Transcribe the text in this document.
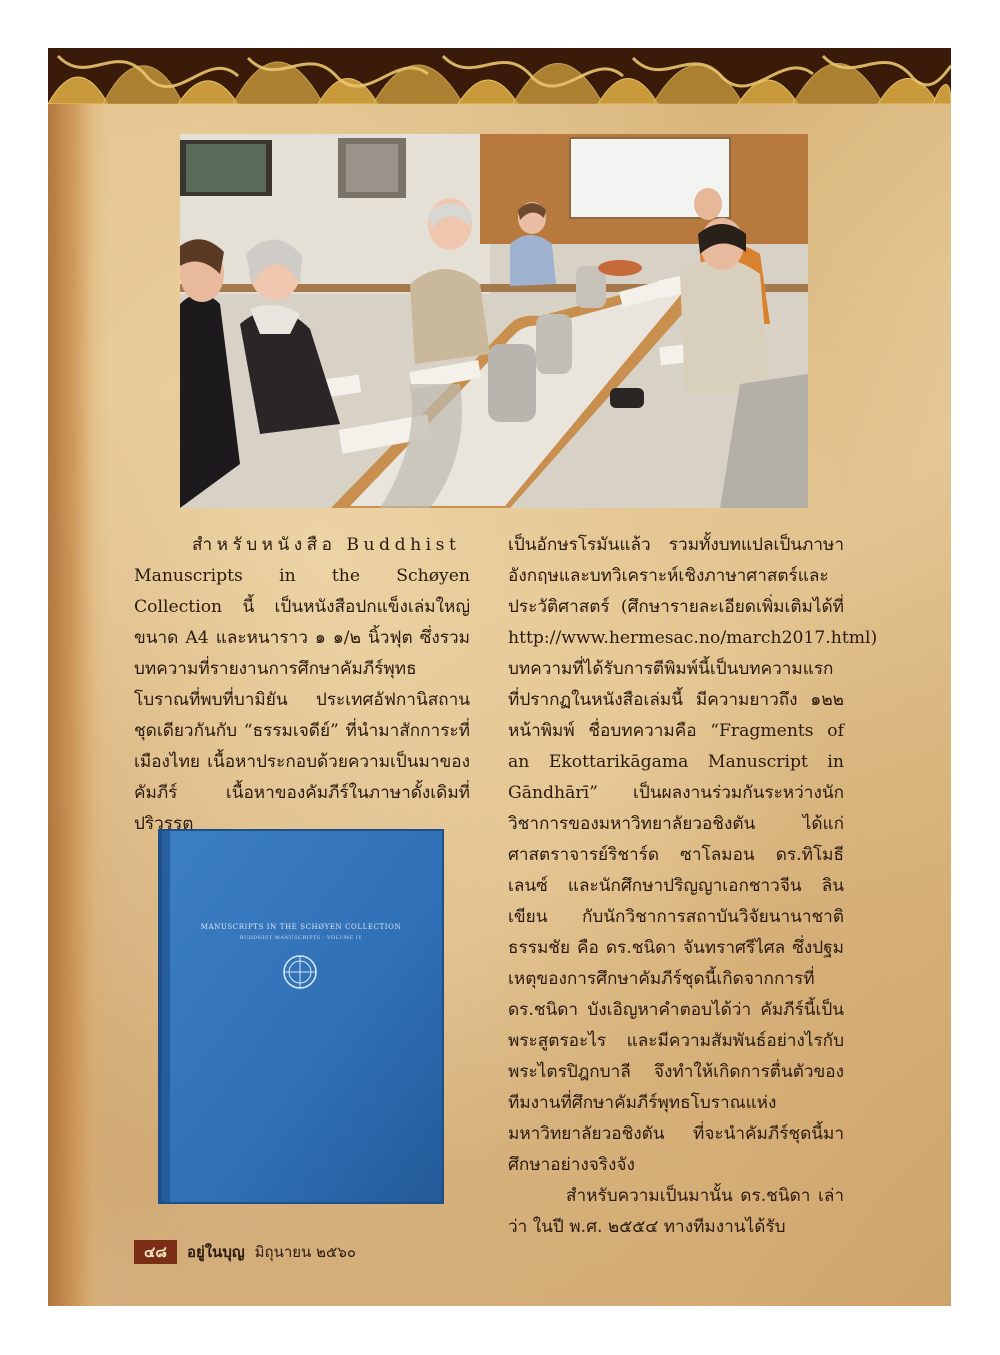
MANUSCRIPTS IN THE SCHØYEN COLLECTION
BUDDHIST MANUSCRIPTS · VOLUME IV

สำหรับหนังสือ Buddhist

Manuscripts in the Schøyen Collection นี้ เป็นหนังสือปกแข็งเล่มใหญ่ ขนาด A4 และหนาราว ๑ ๑/๒ นิ้วฟุต ซึ่งรวมบทความที่รายงานการศึกษาคัมภีร์พุทธโบราณที่พบที่บามิยัน ประเทศอัฟกานิสถาน ชุดเดียวกันกับ “ธรรมเจดีย์” ที่นำมาสักการะที่เมืองไทย เนื้อหาประกอบด้วยความเป็นมาของคัมภีร์ เนื้อหาของคัมภีร์ในภาษาดั้งเดิมที่ปริวรรต

เป็นอักษรโรมันแล้ว รวมทั้งบทแปลเป็นภาษาอังกฤษและบทวิเคราะห์เชิงภาษาศาสตร์และประวัติศาสตร์ (ศึกษารายละเอียดเพิ่มเติมได้ที่ http://www.hermesac.no/march2017.html) บทความที่ได้รับการตีพิมพ์นี้เป็นบทความแรกที่ปรากฏในหนังสือเล่มนี้ มีความยาวถึง ๑๒๒ หน้าพิมพ์ ชื่อบทความคือ “Fragments of an Ekottarikāgama Manuscript in Gāndhārī” เป็นผลงานร่วมกันระหว่างนักวิชาการของมหาวิทยาลัยวอชิงตัน ได้แก่ ศาสตราจารย์ริชาร์ด ซาโลมอน ดร.ทิโมธี เลนซ์ และนักศึกษาปริญญาเอกชาวจีน ลิน เขียน กับนักวิชาการสถาบันวิจัยนานาชาติธรรมชัย คือ ดร.ชนิดา จันทราศรีไศล ซึ่งปฐมเหตุของการศึกษาคัมภีร์ชุดนี้เกิดจากการที่ ดร.ชนิดา บังเอิญหาคำตอบได้ว่า คัมภีร์นี้เป็นพระสูตรอะไร และมีความสัมพันธ์อย่างไรกับพระไตรปิฎกบาลี จึงทำให้เกิดการตื่นตัวของทีมงานที่ศึกษาคัมภีร์พุทธโบราณแห่งมหาวิทยาลัยวอชิงตัน ที่จะนำคัมภีร์ชุดนี้มาศึกษาอย่างจริงจัง

สำหรับความเป็นมานั้น ดร.ชนิดา เล่าว่า ในปี พ.ศ. ๒๕๕๔ ทางทีมงานได้รับ

๔๘	อยู่ในบุญ มิถุนายน ๒๕๖๐
